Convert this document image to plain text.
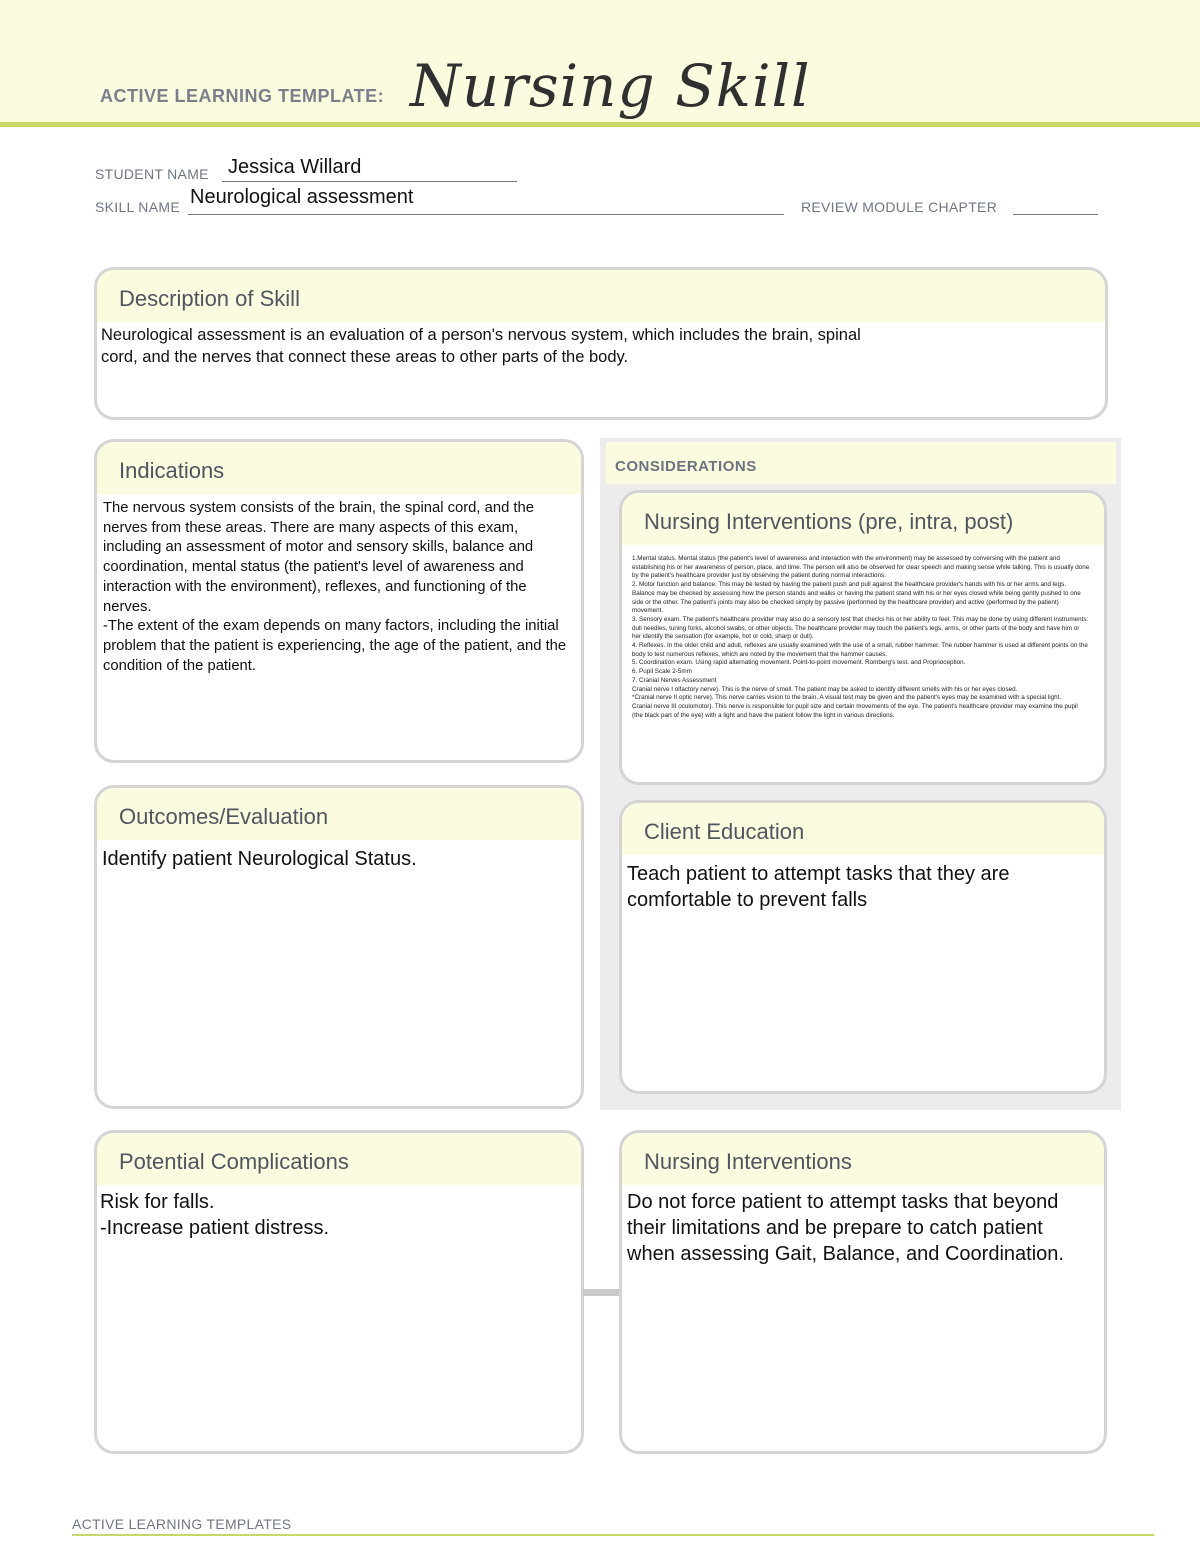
ACTIVE LEARNING TEMPLATE: Nursing Skill
STUDENT NAME Jessica Willard
SKILL NAME Neurological assessment	REVIEW MODULE CHAPTER
Description of Skill
Neurological assessment is an evaluation of a person's nervous system, which includes the brain, spinal cord, and the nerves that connect these areas to other parts of the body.
Indications
The nervous system consists of the brain, the spinal cord, and the nerves from these areas. There are many aspects of this exam, including an assessment of motor and sensory skills, balance and coordination, mental status (the patient's level of awareness and interaction with the environment), reflexes, and functioning of the nerves.
-The extent of the exam depends on many factors, including the initial problem that the patient is experiencing, the age of the patient, and the condition of the patient.
CONSIDERATIONS
Nursing Interventions (pre, intra, post)

1.Mental status. Mental status (the patient's level of awareness and interaction with the environment) may be assessed by conversing with the patient and establishing his or her awareness of person, place, and time. The person will also be observed for clear speech and making sense while talking. This is usually done by the patient's healthcare provider just by observing the patient during normal interactions.

2. Motor function and balance. This may be tested by having the patient push and pull against the healthcare provider's hands with his or her arms and legs. Balance may be checked by assessing how the person stands and walks or having the patient stand with his or her eyes closed while being gently pushed to one side or the other. The patient's joints may also be checked simply by passive (performed by the healthcare provider) and active (performed by the patient) movement.

3. Sensory exam. The patient's healthcare provider may also do a sensory test that checks his or her ability to feel. This may be done by using different instruments: dull needles, tuning forks, alcohol swabs, or other objects. The healthcare provider may touch the patient's legs, arms, or other parts of the body and have him or her identify the sensation (for example, hot or cold, sharp or dull).

4. Reflexes. In the older child and adult, reflexes are usually examined with the use of a small, rubber hammer. The rubber hammer is used at different points on the body to test numerous reflexes, which are noted by the movement that the hammer causes.

5. Coordination exam. Using rapid alternating movement. Point-to-point movement. Romberg's test. and Proprioception.

6. Pupil Scale 2-5mm

7. Cranial Nerves Assessment

Cranial nerve I olfactory nerve). This is the nerve of smell. The patient may be asked to identify different smells with his or her eyes closed.

*Cranial nerve II optic nerve). This nerve carries vision to the brain. A visual test may be given and the patient's eyes may be examined with a special light.

Cranial nerve III oculomotor). This nerve is responsible for pupil size and certain movements of the eye. The patient's healthcare provider may examine the pupil (the black part of the eye) with a light and have the patient follow the light in various directions.

Outcomes/Evaluation
Identify patient Neurological Status.
Client Education
Teach patient to attempt tasks that they are comfortable to prevent falls
Potential Complications
Risk for falls.
-Increase patient distress.
Nursing Interventions
Do not force patient to attempt tasks that beyond their limitations and be prepare to catch patient when assessing Gait, Balance, and Coordination.
ACTIVE LEARNING TEMPLATES
